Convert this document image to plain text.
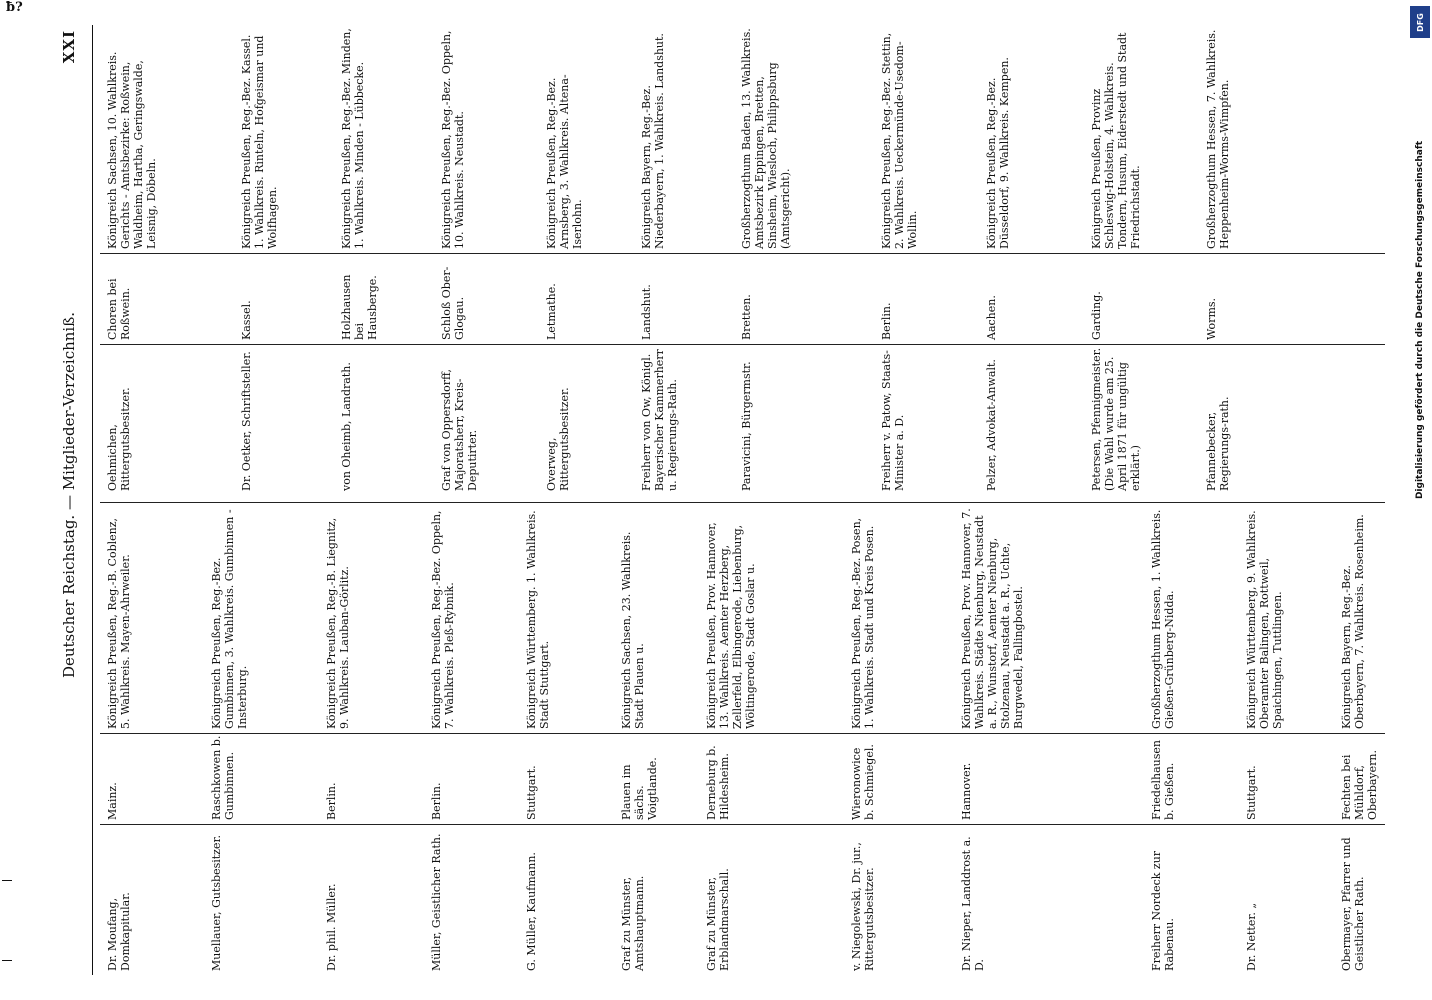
ƀ?
Deutscher Reichstag. — Mitglieder-Verzeichniß.
XXI
Dr. Moufang, Domkapitular.
Mainz.
Königreich Preußen, Reg.-B. Coblenz, 5. Wahlkreis. Mayen-Ahrweiler.
Muellauer, Gutsbesitzer.
Raschkowen b. Gumbinnen.
Königreich Preußen, Reg.-Bez. Gumbinnen, 3. Wahlkreis. Gumbinnen - Insterburg.
Dr. phil. Müller.
Berlin.
Königreich Preußen, Reg.-B. Liegnitz, 9. Wahlkreis. Lauban-Görlitz.
Müller, Geistlicher Rath.
Berlin.
Königreich Preußen, Reg.-Bez. Oppeln, 7. Wahlkreis. Pleß-Rybnik.
G. Müller, Kaufmann.
Stuttgart.
Königreich Württemberg. 1. Wahlkreis. Stadt Stuttgart.
Graf zu Münster, Amtshauptmann.
Plauen im sächs. Voigtlande.
Königreich Sachsen, 23. Wahlkreis. Stadt Plauen u.
Graf zu Münster, Erblandmarschall.
Derneburg b. Hildesheim.
Königreich Preußen, Prov. Hannover, 13. Wahlkreis. Aemter Herzberg, Zellerfeld, Elbingerode, Liebenburg, Wöltingerode, Stadt Goslar u.
v. Niegolewski, Dr. jur., Rittergutsbesitzer.
Wieronowice b. Schmiegel.
Königreich Preußen, Reg.-Bez. Posen, 1. Wahlkreis. Stadt und Kreis Posen.
Dr. Nieper, Landdrost a. D.
Hannover.
Königreich Preußen, Prov. Hannover, 7. Wahlkreis. Städte Nienburg, Neustadt a. R., Wunstorf, Aemter Nienburg, Stolzenau, Neustadt a. R., Uchte, Burgwedel, Fallingbostel.
Freiherr Nordeck zur Rabenau.
Friedelhausen b. Gießen.
Großherzogthum Hessen, 1. Wahlkreis. Gießen-Grünberg-Nidda.
Dr. Netter. „
Stuttgart.
Königreich Württemberg, 9. Wahlkreis. Oberamter Balingen, Rottweil, Spaichingen, Tuttlingen.
Obermayer, Pfarrer und Geistlicher Rath.
Fechten bei Mühldorf, Oberbayern.
Königreich Bayern, Reg.-Bez. Oberbayern, 7. Wahlkreis. Rosenheim.
Oehmichen, Rittergutsbesitzer.
Choren bei Roßwein.
Königreich Sachsen, 10. Wahlkreis. Gerichts - Amtsbezirke: Roßwein, Waldheim, Hartha, Geringswalde, Leisnig, Döbeln.
Dr. Oetker, Schriftsteller.
Kassel.
Königreich Preußen, Reg.-Bez. Kassel. 1. Wahlkreis. Rinteln, Hofgeismar und Wolfhagen.
von Oheimb, Landrath.
Holzhausen bei Hausberge.
Königreich Preußen, Reg.-Bez. Minden, 1. Wahlkreis. Minden - Lübbecke.
Graf von Oppersdorff, Majoratsherr, Kreis-Deputirter.
Schloß Ober-Glogau.
Königreich Preußen, Reg.-Bez. Oppeln, 10. Wahlkreis. Neustadt.
Overweg, Rittergutsbesitzer.
Letmathe.
Königreich Preußen, Reg.-Bez. Arnsberg, 3. Wahlkreis. Altena-Iserlohn.
Freiherr von Ow, Königl. Bayerischer Kammerherr u. Regierungs-Rath.
Landshut.
Königreich Bayern, Reg.-Bez. Niederbayern, 1. Wahlkreis. Landshut.
Paravicini, Bürgermstr.
Bretten.
Großherzogthum Baden, 13. Wahlkreis. Amtsbezirk Eppingen, Bretten, Sinsheim, Wiesloch, Philippsburg (Amtsgericht).
Freiherr v. Patow, Staats-Minister a. D.
Berlin.
Königreich Preußen, Reg.-Bez. Stettin, 2. Wahlkreis. Ueckermünde-Usedom-Wollin.
Pelzer, Advokat-Anwalt.
Aachen.
Königreich Preußen, Reg.-Bez. Düsseldorf, 9. Wahlkreis. Kempen.
Petersen, Pfennigmeister. (Die Wahl wurde am 25. April 1871 für ungültig erklärt.)
Garding.
Königreich Preußen, Provinz Schleswig-Holstein, 4. Wahlkreis. Tondern, Husum, Eiderstedt und Stadt Friedrichstadt.
Pfannebecker, Regierungs-rath.
Worms.
Großherzogthum Hessen, 7. Wahlkreis. Heppenheim-Worms-Wimpfen.
DFG
Digitalisierung gefördert durch die Deutsche Forschungsgemeinschaft
